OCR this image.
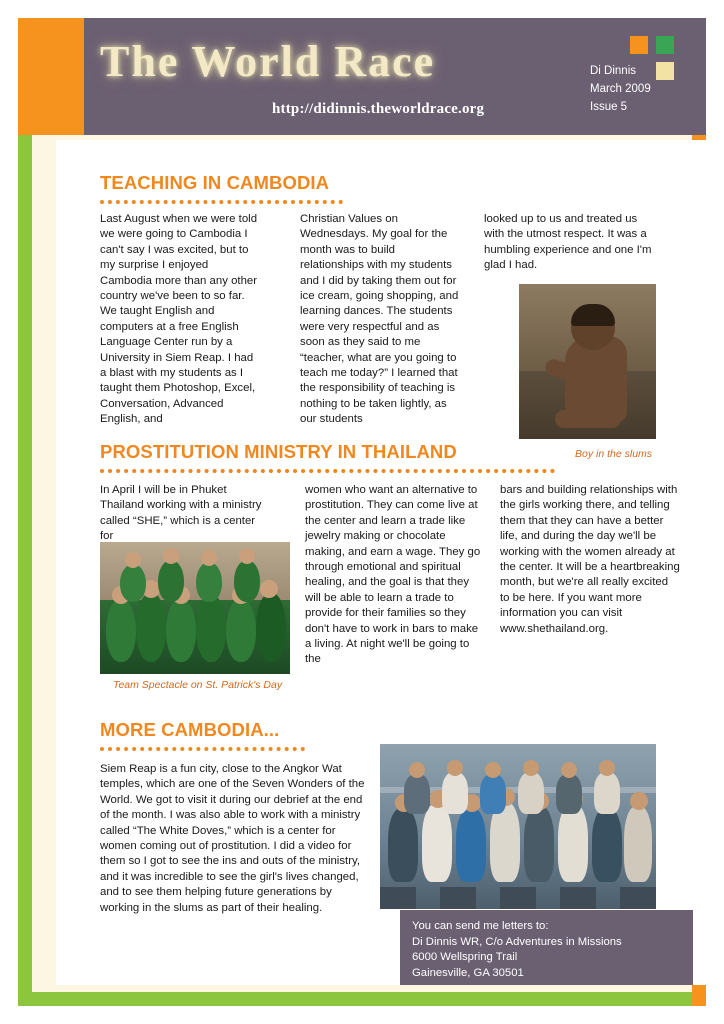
The World Race
http://didinnis.theworldrace.org
Di Dinnis
March 2009
Issue 5
TEACHING IN CAMBODIA
Last August when we were told we were going to Cambodia I can't say I was excited, but to my surprise I enjoyed Cambodia more than any other country we've been to so far. We taught English and computers at a free English Language Center run by a University in Siem Reap. I had a blast with my students as I taught them Photoshop, Excel, Conversation, Advanced English, and
Christian Values on Wednesdays. My goal for the month was to build relationships with my students and I did by taking them out for ice cream, going shopping, and learning dances. The students were very respectful and as soon as they said to me “teacher, what are you going to teach me today?” I learned that the responsibility of teaching is nothing to be taken lightly, as our students
looked up to us and treated us with the utmost respect. It was a humbling experience and one I'm glad I had.
Boy in the slums
PROSTITUTION MINISTRY IN THAILAND
In April I will be in Phuket Thailand working with a ministry called “SHE,” which is a center for
women who want an alternative to prostitution. They can come live at the center and learn a trade like jewelry making or chocolate making, and earn a wage. They go through emotional and spiritual healing, and the goal is that they will be able to learn a trade to provide for their families so they don't have to work in bars to make a living. At night we'll be going to the
bars and building relationships with the girls working there, and telling them that they can have a better life, and during the day we'll be working with the women already at the center. It will be a heartbreaking month, but we're all really excited to be here. If you want more information you can visit www.shethailand.org.
Team Spectacle on St. Patrick's Day
MORE CAMBODIA...
Siem Reap is a fun city, close to the Angkor Wat temples, which are one of the Seven Wonders of the World. We got to visit it during our debrief at the end of the month. I was also able to work with a ministry called “The White Doves,” which is a center for women coming out of prostitution. I did a video for them so I got to see the ins and outs of the ministry, and it was incredible to see the girl's lives changed, and to see them helping future generations by working in the slums as part of their healing.
You can send me letters to:
Di Dinnis WR, C/o Adventures in Missions
6000 Wellspring Trail
Gainesville, GA 30501
